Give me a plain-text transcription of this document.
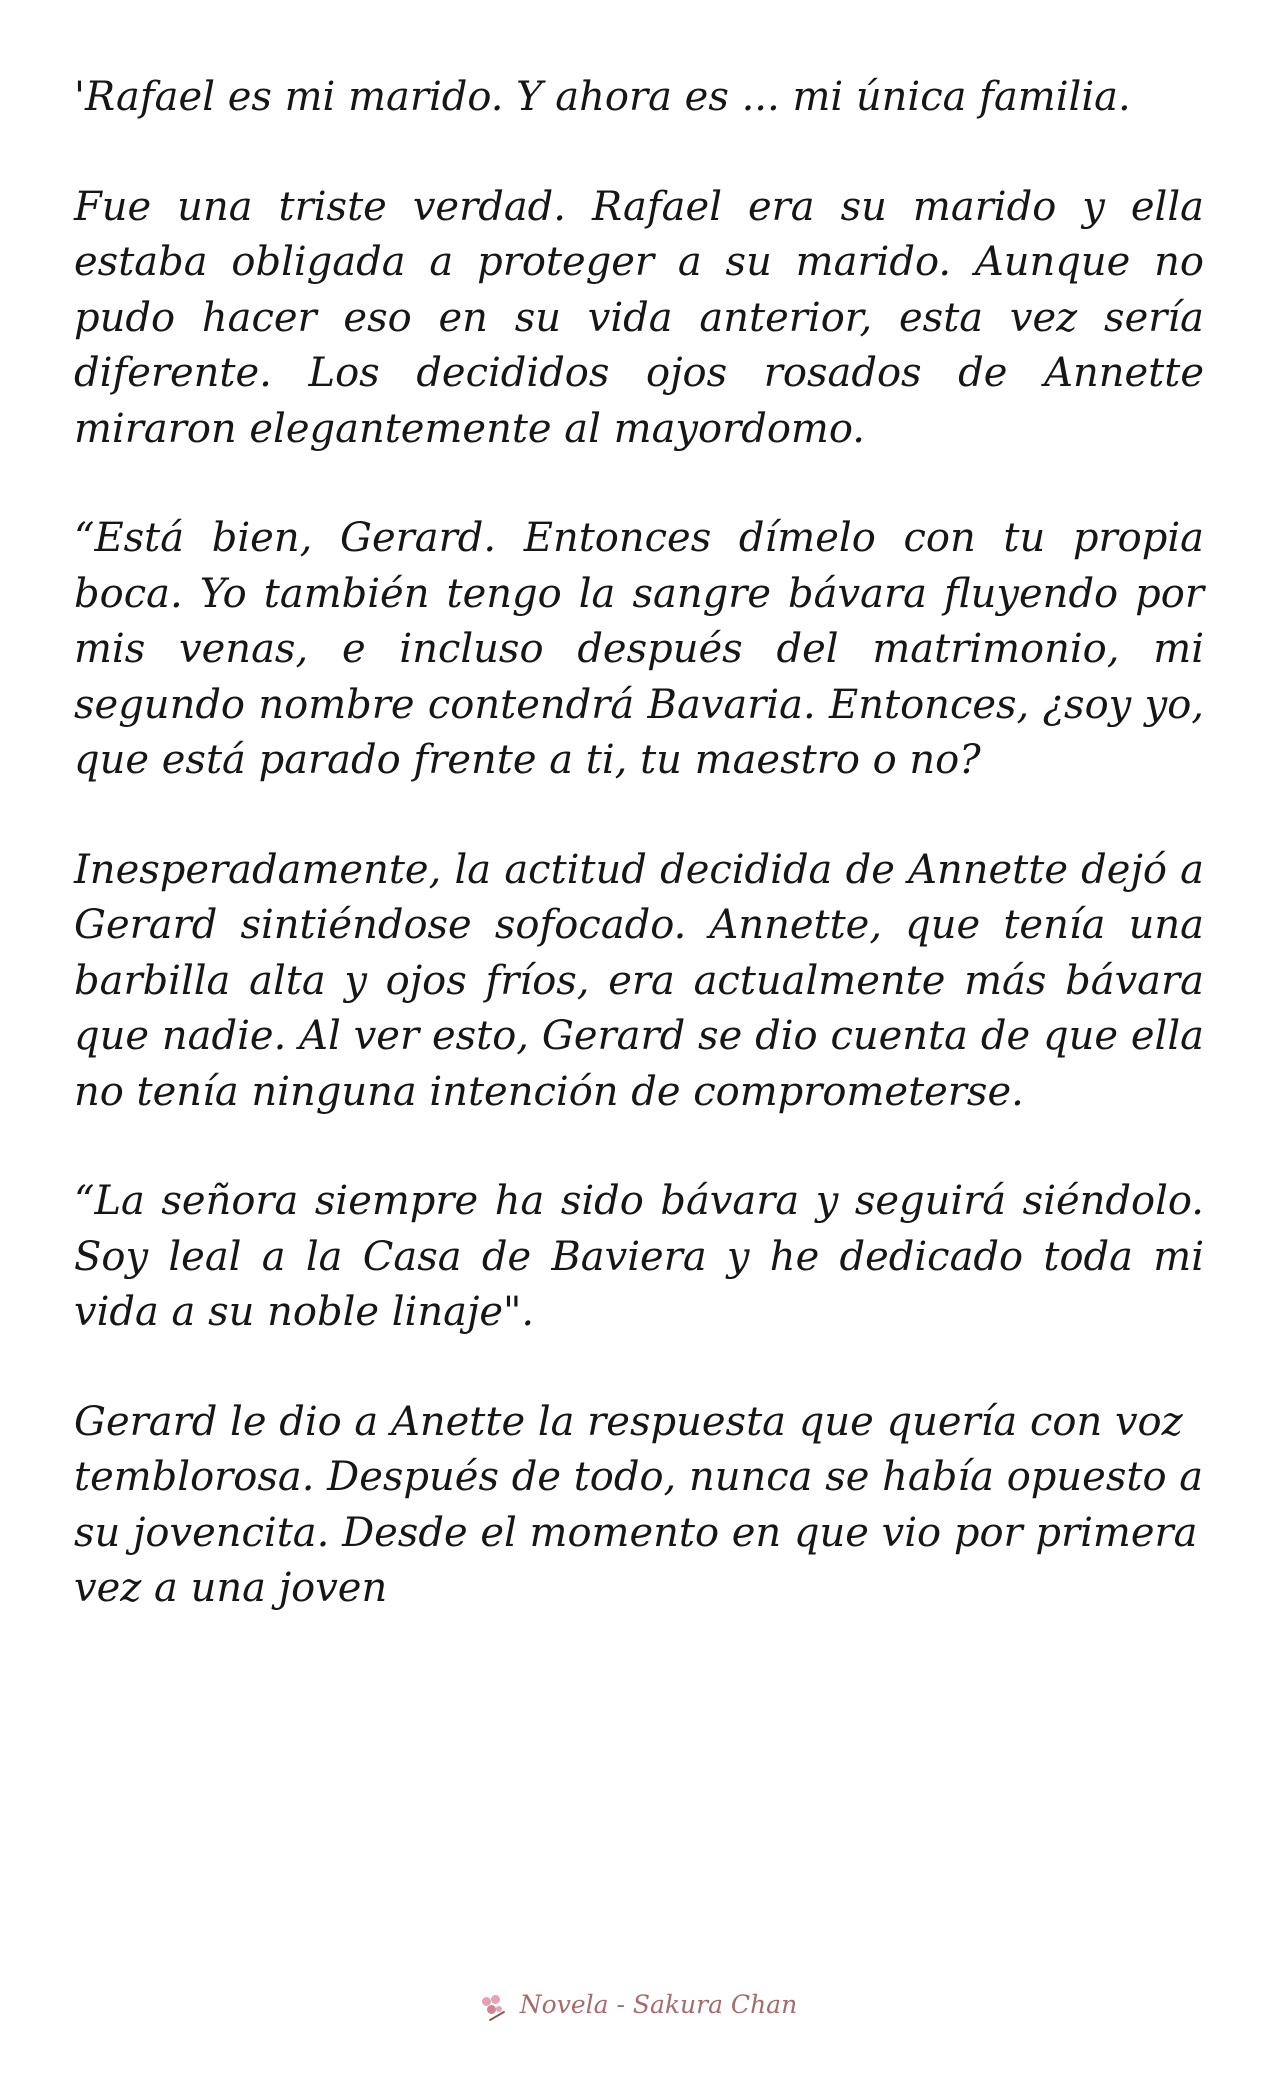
'Rafael es mi marido. Y ahora es ... mi única familia.

Fue una triste verdad. Rafael era su marido y ella estaba obligada a proteger a su marido. Aunque no pudo hacer eso en su vida anterior, esta vez sería diferente. Los decididos ojos rosados de Annette miraron elegantemente al mayordomo.

“Está bien, Gerard. Entonces dímelo con tu propia boca. Yo también tengo la sangre bávara fluyendo por mis venas, e incluso después del matrimonio, mi segundo nombre contendrá Bavaria. Entonces, ¿soy yo, que está parado frente a ti, tu maestro o no?

Inesperadamente, la actitud decidida de Annette dejó a Gerard sintiéndose sofocado. Annette, que tenía una barbilla alta y ojos fríos, era actualmente más bávara que nadie. Al ver esto, Gerard se dio cuenta de que ella no tenía ninguna intención de comprometerse.

“La señora siempre ha sido bávara y seguirá siéndolo. Soy leal a la Casa de Baviera y he dedicado toda mi vida a su noble linaje".

Gerard le dio a Anette la respuesta que quería con voz temblorosa. Después de todo, nunca se había opuesto a su jovencita. Desde el momento en que vio por primera vez a una joven

Novela - Sakura Chan
